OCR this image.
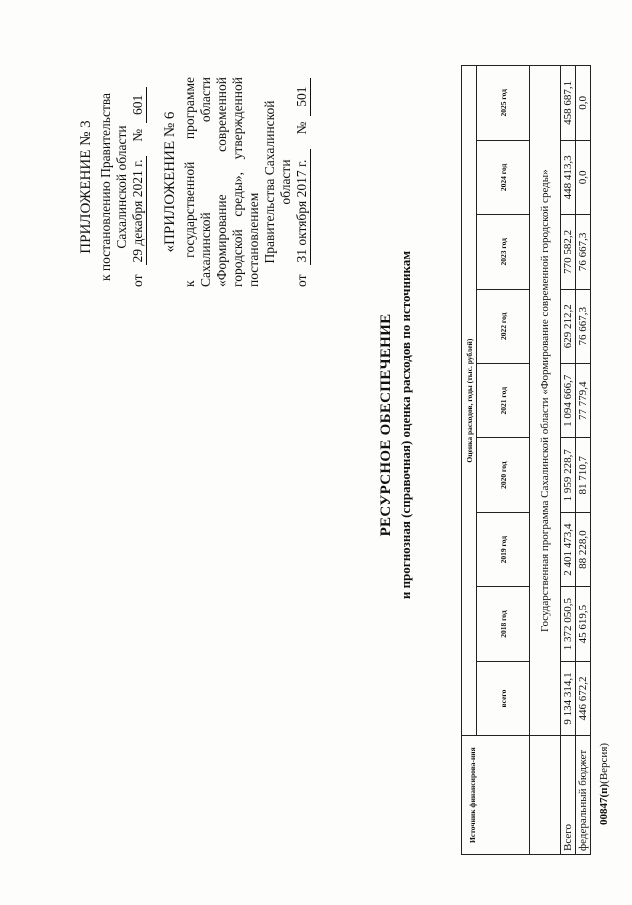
ПРИЛОЖЕНИЕ № 3 к постановлению Правительства Сахалинской области
от
29 декабря 2021 г.
№
601
«ПРИЛОЖЕНИЕ № 6 к государственной программе Сахалинской области «Формирование современной городской среды», утвержденной постановлением Правительства Сахалинской области
от
31 октября 2017 г.
№
501
РЕСУРСНОЕ ОБЕСПЕЧЕНИЕ и прогнозная (справочная) оценка расходов по источникам
Источник финансирова-ния	Оценка расходов, годы (тыс. рублей)								
	всего	2018 год	2019 год	2020 год	2021 год	2022 год	2023 год	2024 год	2025 год
	Государственная программа Сахалинской области «Формирование современной городской среды»								
Всего	9 134 314,1	1 372 050,5	2 401 473,4	1 959 228,7	1 094 666,7	629 212,2	770 582,2	448 413,3	458 687,1
федеральный бюджет	446 672,2	45 619,5	88 228,0	81 710,7	77 779,4	76 667,3	76 667,3	0,0	0,0
00847(п)(Версия)
